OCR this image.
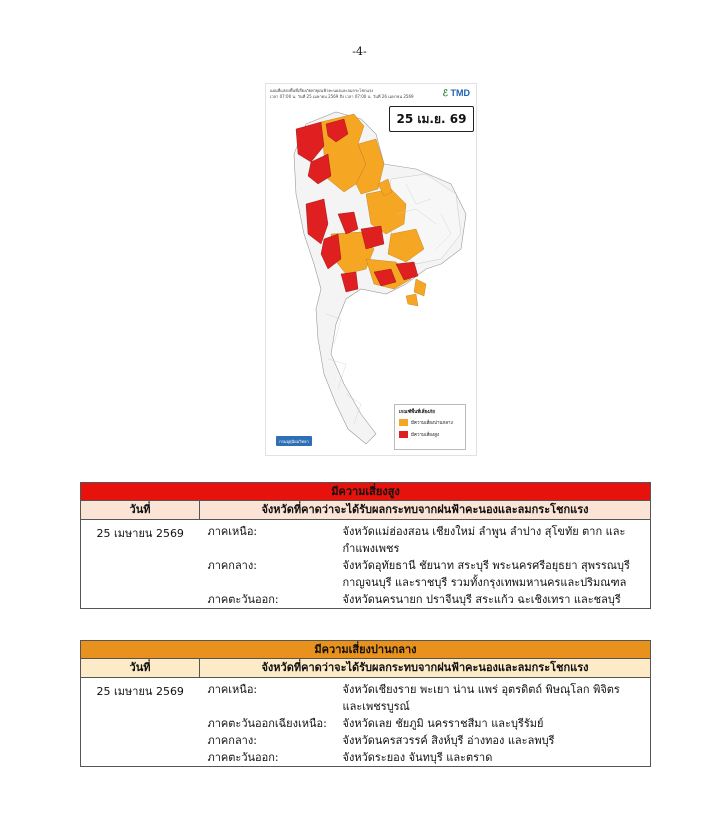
-4-
แผนที่แสดงพื้นที่เสี่ยงภัยพายุฝนฟ้าคะนองและลมกระโชกแรง
เวลา 07:00 น. วันที่ 25 เมษายน 2569 ถึง เวลา 07:00 น. วันที่ 26 เมษายน 2569	ℰ TMD
25 เม.ย. 69
เกณฑ์พื้นที่เสี่ยงภัย
มีความเสี่ยงปานกลาง
มีความเสี่ยงสูง
กรมอุตุนิยมวิทยา
มีความเสี่ยงสูง
วันที่	จังหวัดที่คาดว่าจะได้รับผลกระทบจากฝนฟ้าคะนองและลมกระโชกแรง
25 เมษายน 2569	ภาคเหนือ:	จังหวัดแม่ฮ่องสอน เชียงใหม่ ลำพูน ลำปาง สุโขทัย ตาก และกำแพงเพชร
ภาคกลาง:	จังหวัดอุทัยธานี ชัยนาท สระบุรี พระนครศรีอยุธยา สุพรรณบุรี กาญจนบุรี และราชบุรี รวมทั้งกรุงเทพมหานครและปริมณฑล
ภาคตะวันออก:	จังหวัดนครนายก ปราจีนบุรี สระแก้ว ฉะเชิงเทรา และชลบุรี
มีความเสี่ยงปานกลาง
วันที่	จังหวัดที่คาดว่าจะได้รับผลกระทบจากฝนฟ้าคะนองและลมกระโชกแรง
25 เมษายน 2569	ภาคเหนือ:	จังหวัดเชียงราย พะเยา น่าน แพร่ อุตรดิตถ์ พิษณุโลก พิจิตร และเพชรบูรณ์
ภาคตะวันออกเฉียงเหนือ:	จังหวัดเลย ชัยภูมิ นครราชสีมา และบุรีรัมย์
ภาคกลาง:	จังหวัดนครสวรรค์ สิงห์บุรี อ่างทอง และลพบุรี
ภาคตะวันออก:	จังหวัดระยอง จันทบุรี และตราด
